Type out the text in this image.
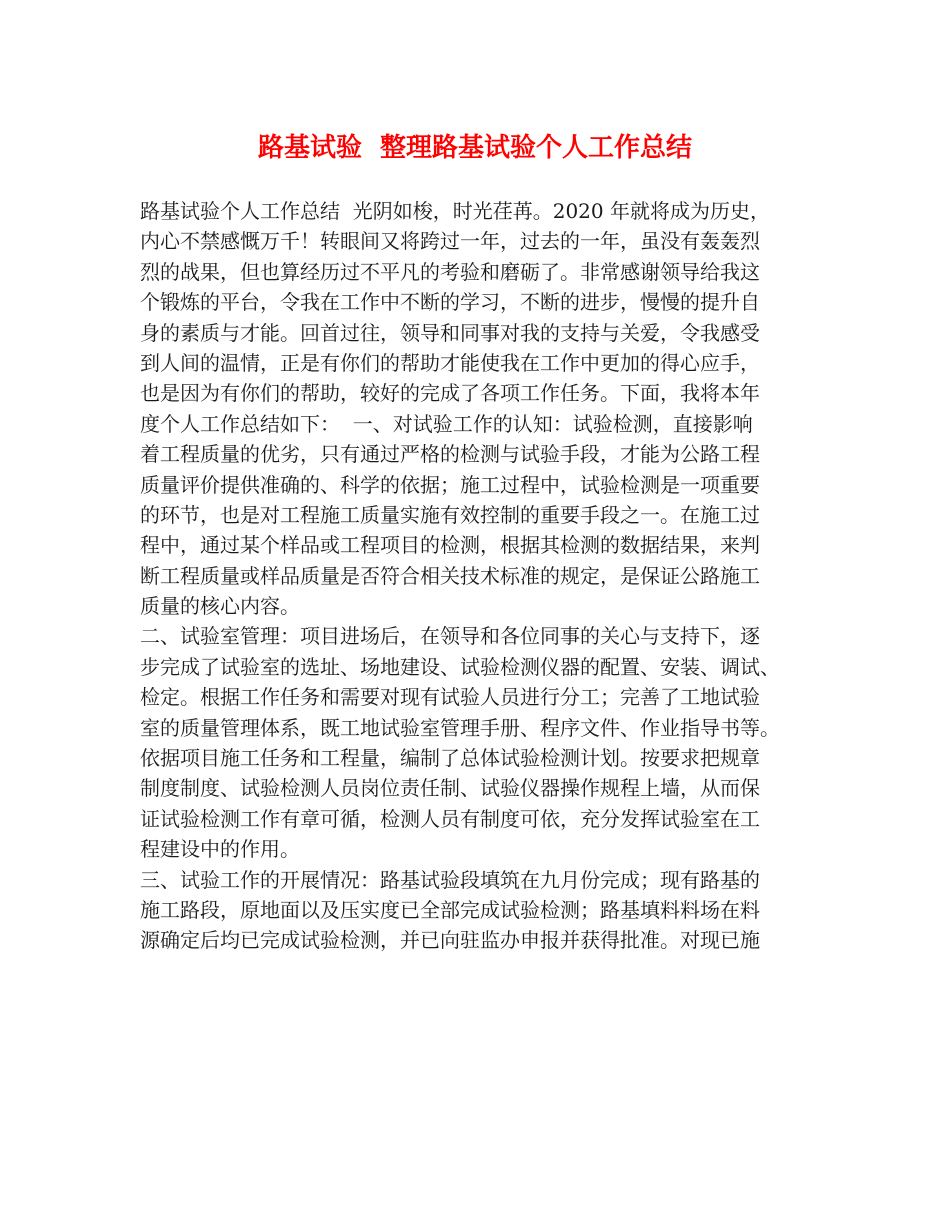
路基试验  整理路基试验个人工作总结
路基试验个人工作总结  光阴如梭，时光荏苒。2020 年就将成为历史，
内心不禁感慨万千！转眼间又将跨过一年，过去的一年，虽没有轰轰烈
烈的战果，但也算经历过不平凡的考验和磨砺了。非常感谢领导给我这
个锻炼的平台，令我在工作中不断的学习，不断的进步，慢慢的提升自
身的素质与才能。回首过往，领导和同事对我的支持与关爱，令我感受
到人间的温情，正是有你们的帮助才能使我在工作中更加的得心应手，
也是因为有你们的帮助，较好的完成了各项工作任务。下面，我将本年
度个人工作总结如下：  一、对试验工作的认知：试验检测，直接影响
着工程质量的优劣，只有通过严格的检测与试验手段，才能为公路工程
质量评价提供准确的、科学的依据；施工过程中，试验检测是一项重要
的环节，也是对工程施工质量实施有效控制的重要手段之一。在施工过
程中，通过某个样品或工程项目的检测，根据其检测的数据结果，来判
断工程质量或样品质量是否符合相关技术标准的规定，是保证公路施工
质量的核心内容。
二、试验室管理：项目进场后，在领导和各位同事的关心与支持下，逐
步完成了试验室的选址、场地建设、试验检测仪器的配置、安装、调试、
检定。根据工作任务和需要对现有试验人员进行分工；完善了工地试验
室的质量管理体系，既工地试验室管理手册、程序文件、作业指导书等。
依据项目施工任务和工程量，编制了总体试验检测计划。按要求把规章
制度制度、试验检测人员岗位责任制、试验仪器操作规程上墙，从而保
证试验检测工作有章可循，检测人员有制度可依，充分发挥试验室在工
程建设中的作用。
三、试验工作的开展情况：路基试验段填筑在九月份完成；现有路基的
施工路段，原地面以及压实度已全部完成试验检测；路基填料料场在料
源确定后均已完成试验检测，并已向驻监办申报并获得批准。对现已施
